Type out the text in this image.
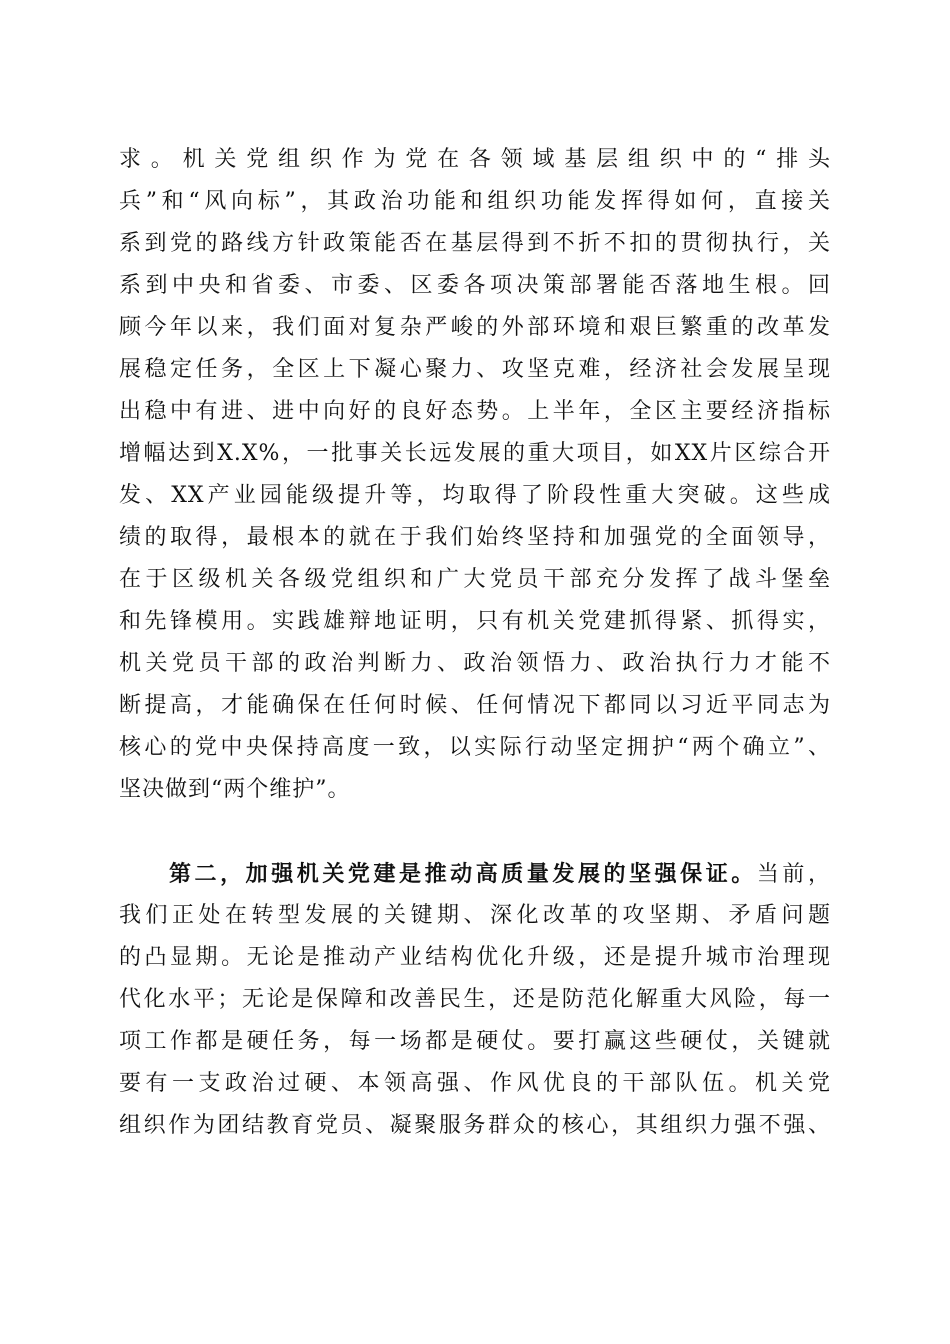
求。机关党组织作为党在各领域基层组织中的“排头
兵”和“风向标”，其政治功能和组织功能发挥得如何，直接关
系到党的路线方针政策能否在基层得到不折不扣的贯彻执行，关
系到中央和省委、市委、区委各项决策部署能否落地生根。回
顾今年以来，我们面对复杂严峻的外部环境和艰巨繁重的改革发
展稳定任务，全区上下凝心聚力、攻坚克难，经济社会发展呈现
出稳中有进、进中向好的良好态势。上半年，全区主要经济指标
增幅达到X.X%，一批事关长远发展的重大项目，如XX片区综合开
发、XX产业园能级提升等，均取得了阶段性重大突破。这些成
绩的取得，最根本的就在于我们始终坚持和加强党的全面领导，
在于区级机关各级党组织和广大党员干部充分发挥了战斗堡垒
和先锋模用。实践雄辩地证明，只有机关党建抓得紧、抓得实，
机关党员干部的政治判断力、政治领悟力、政治执行力才能不
断提高，才能确保在任何时候、任何情况下都同以习近平同志为
核心的党中央保持高度一致，以实际行动坚定拥护“两个确立”、
坚决做到“两个维护”。
第二，加强机关党建是推动高质量发展的坚强保证。当前，
我们正处在转型发展的关键期、深化改革的攻坚期、矛盾问题
的凸显期。无论是推动产业结构优化升级，还是提升城市治理现
代化水平；无论是保障和改善民生，还是防范化解重大风险，每一
项工作都是硬任务，每一场都是硬仗。要打赢这些硬仗，关键就
要有一支政治过硬、本领高强、作风优良的干部队伍。机关党
组织作为团结教育党员、凝聚服务群众的核心，其组织力强不强、
